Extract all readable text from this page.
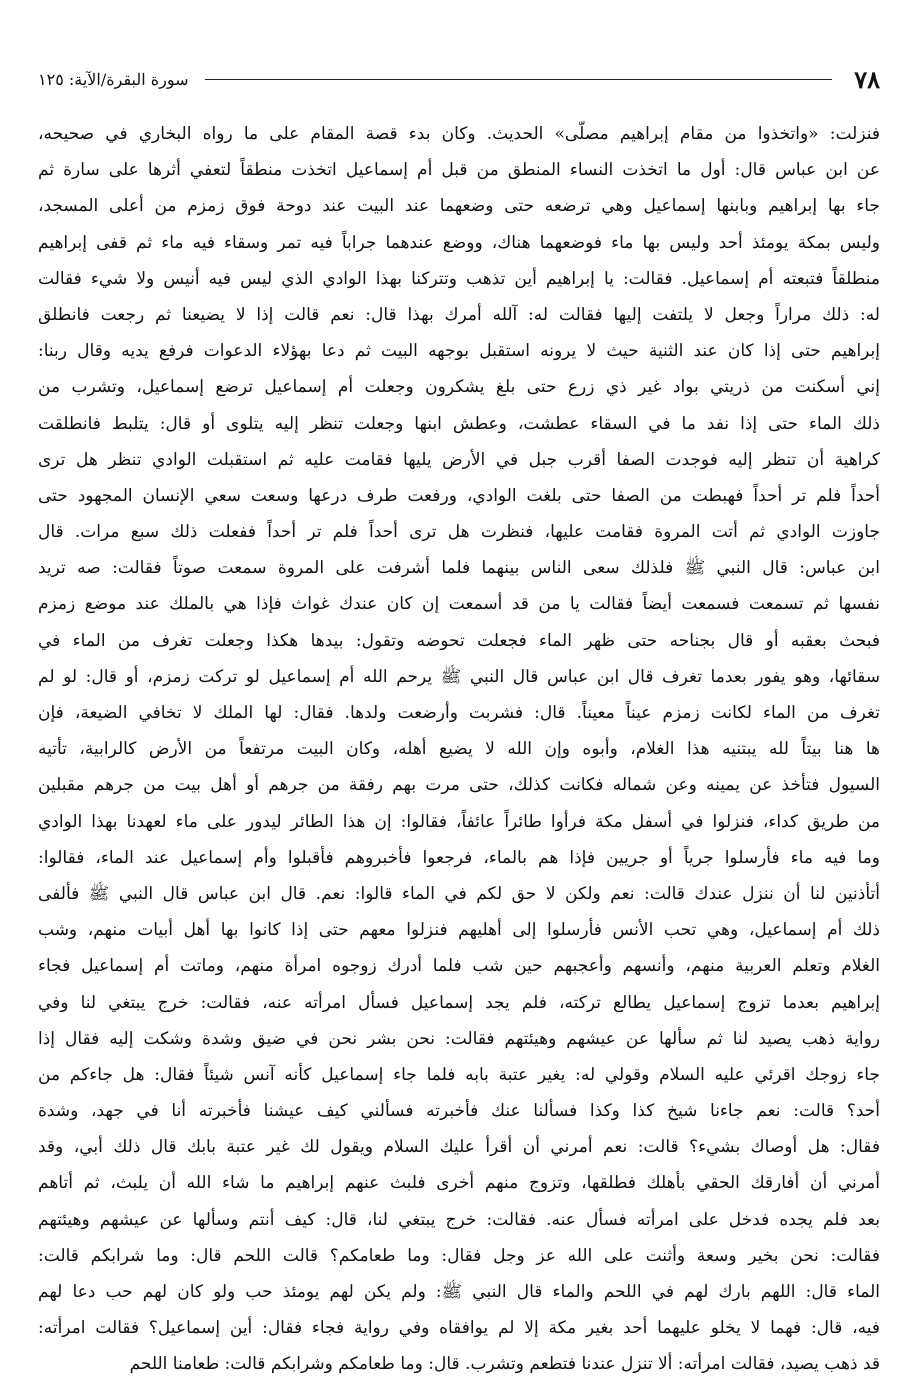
٧٨
سورة البقرة/الآية: ١٢٥
فنزلت: «واتخذوا من مقام إبراهيم مصلّى» الحديث. وكان بدء قصة المقام على ما رواه البخاري في صحيحه،
عن ابن عباس قال: أول ما اتخذت النساء المنطق من قبل أم إسماعيل اتخذت منطقاً لتعفي أثرها على سارة ثم
جاء بها إبراهيم وبابنها إسماعيل وهي ترضعه حتى وضعهما عند البيت عند دوحة فوق زمزم من أعلى المسجد،
وليس بمكة يومئذ أحد وليس بها ماء فوضعهما هناك، ووضع عندهما جراباً فيه تمر وسقاء فيه ماء ثم قفى إبراهيم
منطلقاً فتبعته أم إسماعيل. فقالت: يا إبراهيم أين تذهب وتتركنا بهذا الوادي الذي ليس فيه أنيس ولا شيء فقالت
له: ذلك مراراً وجعل لا يلتفت إليها فقالت له: آلله أمرك بهذا قال: نعم قالت إذا لا يضيعنا ثم رجعت فانطلق
إبراهيم حتى إذا كان عند الثنية حيث لا يرونه استقبل بوجهه البيت ثم دعا بهؤلاء الدعوات فرفع يديه وقال ربنا:
إني أسكنت من ذريتي بواد غير ذي زرع حتى بلغ يشكرون وجعلت أم إسماعيل ترضع إسماعيل، وتشرب من
ذلك الماء حتى إذا نفد ما في السقاء عطشت، وعطش ابنها وجعلت تنظر إليه يتلوى أو قال: يتلبط فانطلقت
كراهية أن تنظر إليه فوجدت الصفا أقرب جبل في الأرض يليها فقامت عليه ثم استقبلت الوادي تنظر هل ترى
أحداً فلم تر أحداً فهبطت من الصفا حتى بلغت الوادي، ورفعت طرف درعها وسعت سعي الإنسان المجهود حتى
جاوزت الوادي ثم أتت المروة فقامت عليها، فنظرت هل ترى أحداً فلم تر أحداً ففعلت ذلك سبع مرات. قال
ابن عباس: قال النبي ﷺ فلذلك سعى الناس بينهما فلما أشرفت على المروة سمعت صوتاً فقالت: صه تريد
نفسها ثم تسمعت فسمعت أيضاً فقالت يا من قد أسمعت إن كان عندك غواث فإذا هي بالملك عند موضع زمزم
فبحث بعقبه أو قال بجناحه حتى ظهر الماء فجعلت تحوضه وتقول: بيدها هكذا وجعلت تغرف من الماء في
سقائها، وهو يفور بعدما تغرف قال ابن عباس قال النبي ﷺ يرحم الله أم إسماعيل لو تركت زمزم، أو قال: لو لم
تغرف من الماء لكانت زمزم عيناً معيناً. قال: فشربت وأرضعت ولدها. فقال: لها الملك لا تخافي الضيعة، فإن
ها هنا بيتاً لله يبتنيه هذا الغلام، وأبوه وإن الله لا يضيع أهله، وكان البيت مرتفعاً من الأرض كالرابية، تأتيه
السيول فتأخذ عن يمينه وعن شماله فكانت كذلك، حتى مرت بهم رفقة من جرهم أو أهل بيت من جرهم مقبلين
من طريق كداء، فنزلوا في أسفل مكة فرأوا طائراً عائفاً، فقالوا: إن هذا الطائر ليدور على ماء لعهدنا بهذا الوادي
وما فيه ماء فأرسلوا جرياً أو جريين فإذا هم بالماء، فرجعوا فأخبروهم فأقبلوا وأم إسماعيل عند الماء، فقالوا:
أتأذنين لنا أن ننزل عندك قالت: نعم ولكن لا حق لكم في الماء قالوا: نعم. قال ابن عباس قال النبي ﷺ فألفى
ذلك أم إسماعيل، وهي تحب الأنس فأرسلوا إلى أهليهم فنزلوا معهم حتى إذا كانوا بها أهل أبيات منهم، وشب
الغلام وتعلم العربية منهم، وأنسهم وأعجبهم حين شب فلما أدرك زوجوه امرأة منهم، وماتت أم إسماعيل فجاء
إبراهيم بعدما تزوج إسماعيل يطالع تركته، فلم يجد إسماعيل فسأل امرأته عنه، فقالت: خرج يبتغي لنا وفي
رواية ذهب يصيد لنا ثم سألها عن عيشهم وهيئتهم فقالت: نحن بشر نحن في ضيق وشدة وشكت إليه فقال إذا
جاء زوجك اقرئي عليه السلام وقولي له: يغير عتبة بابه فلما جاء إسماعيل كأنه آنس شيئاً فقال: هل جاءكم من
أحد؟ قالت: نعم جاءنا شيخ كذا وكذا فسألنا عنك فأخبرته فسألني كيف عيشنا فأخبرته أنا في جهد، وشدة
فقال: هل أوصاك بشيء؟ قالت: نعم أمرني أن أقرأ عليك السلام ويقول لك غير عتبة بابك قال ذلك أبي، وقد
أمرني أن أفارقك الحقي بأهلك فطلقها، وتزوج منهم أخرى فلبث عنهم إبراهيم ما شاء الله أن يلبث، ثم أتاهم
بعد فلم يجده فدخل على امرأته فسأل عنه. فقالت: خرج يبتغي لنا، قال: كيف أنتم وسألها عن عيشهم وهيئتهم
فقالت: نحن بخير وسعة وأثنت على الله عز وجل فقال: وما طعامكم؟ قالت اللحم قال: وما شرابكم قالت:
الماء قال: اللهم بارك لهم في اللحم والماء قال النبي ﷺ: ولم يكن لهم يومئذ حب ولو كان لهم حب دعا لهم
فيه، قال: فهما لا يخلو عليهما أحد بغير مكة إلا لم يوافقاه وفي رواية فجاء فقال: أين إسماعيل؟ فقالت امرأته:
قد ذهب يصيد، فقالت امرأته: ألا تنزل عندنا فتطعم وتشرب. قال: وما طعامكم وشرابكم قالت: طعامنا اللحم
